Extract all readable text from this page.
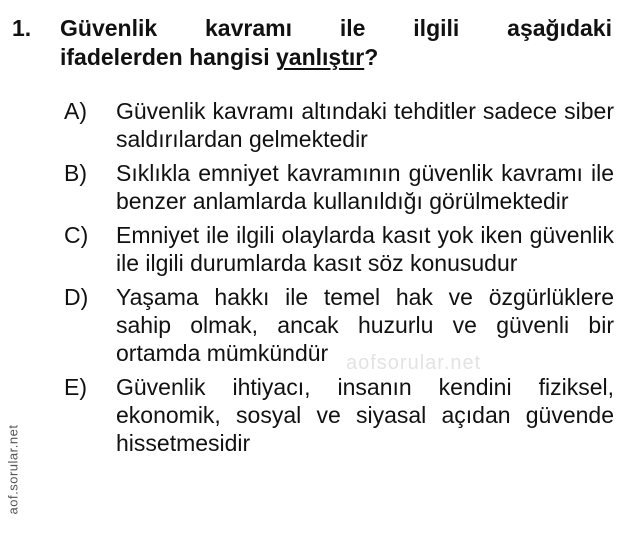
aofsorular.net
1.	Güvenlik kavramı ile ilgili aşağıdaki
ifadelerden hangisi yanlıştır?
A)	Güvenlik kavramı altındaki tehditler sadece siber saldırılardan gelmektedir
B)	Sıklıkla emniyet kavramının güvenlik kavramı ile benzer anlamlarda kullanıldığı görülmektedir
C)	Emniyet ile ilgili olaylarda kasıt yok iken güvenlik ile ilgili durumlarda kasıt söz konusudur
D)	Yaşama hakkı ile temel hak ve özgürlüklere sahip olmak, ancak huzurlu ve güvenli bir ortamda mümkündür
E)	Güvenlik ihtiyacı, insanın kendini fiziksel, ekonomik, sosyal ve siyasal açıdan güvende hissetmesidir
aof.sorular.net
